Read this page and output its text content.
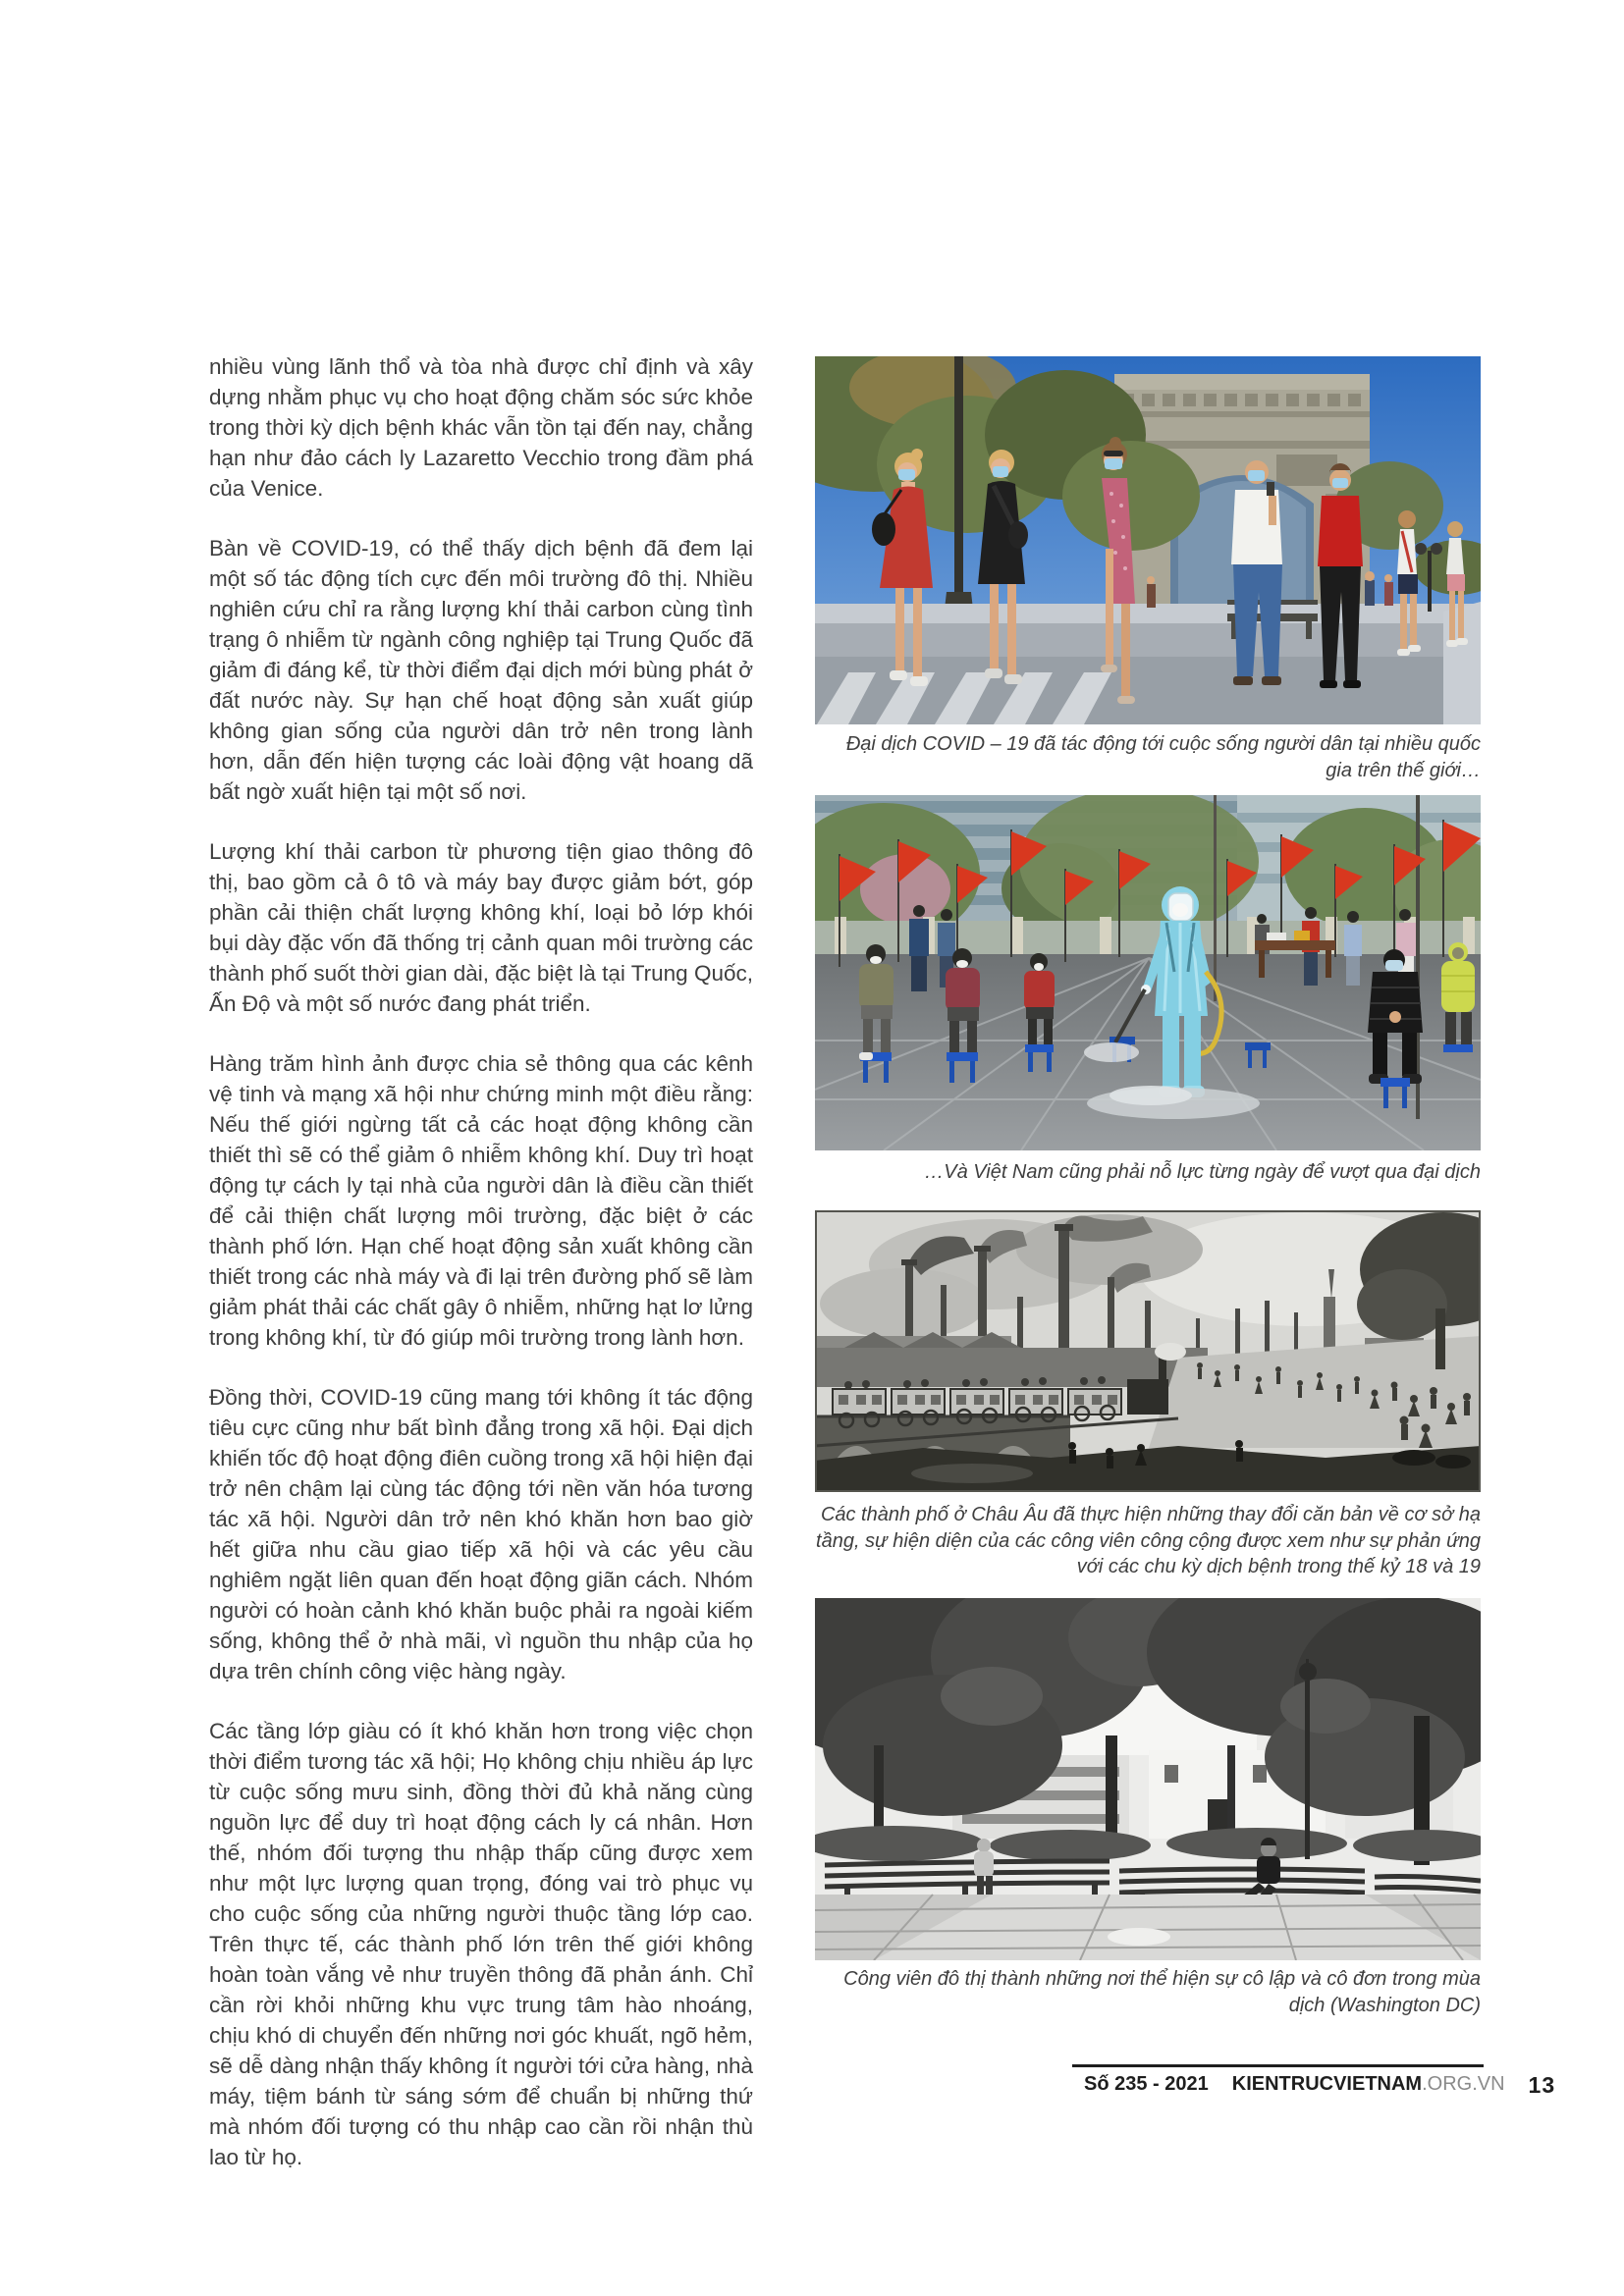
nhiều vùng lãnh thổ và tòa nhà được chỉ định và xây dựng nhằm phục vụ cho hoạt động chăm sóc sức khỏe trong thời kỳ dịch bệnh khác vẫn tồn tại đến nay, chẳng hạn như đảo cách ly Lazaretto Vecchio trong đầm phá của Venice.

Bàn về COVID-19, có thể thấy dịch bệnh đã đem lại một số tác động tích cực đến môi trường đô thị. Nhiều nghiên cứu chỉ ra rằng lượng khí thải carbon cùng tình trạng ô nhiễm từ ngành công nghiệp tại Trung Quốc đã giảm đi đáng kể, từ thời điểm đại dịch mới bùng phát ở đất nước này. Sự hạn chế hoạt động sản xuất giúp không gian sống của người dân trở nên trong lành hơn, dẫn đến hiện tượng các loài động vật hoang dã bất ngờ xuất hiện tại một số nơi.

Lượng khí thải carbon từ phương tiện giao thông đô thị, bao gồm cả ô tô và máy bay được giảm bớt, góp phần cải thiện chất lượng không khí, loại bỏ lớp khói bụi dày đặc vốn đã thống trị cảnh quan môi trường các thành phố suốt thời gian dài, đặc biệt là tại Trung Quốc, Ấn Độ và một số nước đang phát triển.

Hàng trăm hình ảnh được chia sẻ thông qua các kênh vệ tinh và mạng xã hội như chứng minh một điều rằng: Nếu thế giới ngừng tất cả các hoạt động không cần thiết thì sẽ có thể giảm ô nhiễm không khí. Duy trì hoạt động tự cách ly tại nhà của người dân là điều cần thiết để cải thiện chất lượng môi trường, đặc biệt ở các thành phố lớn. Hạn chế hoạt động sản xuất không cần thiết trong các nhà máy và đi lại trên đường phố sẽ làm giảm phát thải các chất gây ô nhiễm, những hạt lơ lửng trong không khí, từ đó giúp môi trường trong lành hơn.

Đồng thời, COVID-19 cũng mang tới không ít tác động tiêu cực cũng như bất bình đẳng trong xã hội. Đại dịch khiến tốc độ hoạt động điên cuồng trong xã hội hiện đại trở nên chậm lại cùng tác động tới nền văn hóa tương tác xã hội. Người dân trở nên khó khăn hơn bao giờ hết giữa nhu cầu giao tiếp xã hội và các yêu cầu nghiêm ngặt liên quan đến hoạt động giãn cách. Nhóm người có hoàn cảnh khó khăn buộc phải ra ngoài kiếm sống, không thể ở nhà mãi, vì nguồn thu nhập của họ dựa trên chính công việc hàng ngày.

Các tầng lớp giàu có ít khó khăn hơn trong việc chọn thời điểm tương tác xã hội; Họ không chịu nhiều áp lực từ cuộc sống mưu sinh, đồng thời đủ khả năng cùng nguồn lực để duy trì hoạt động cách ly cá nhân. Hơn thế, nhóm đối tượng thu nhập thấp cũng được xem như một lực lượng quan trọng, đóng vai trò phục vụ cho cuộc sống của những người thuộc tầng lớp cao. Trên thực tế, các thành phố lớn trên thế giới không hoàn toàn vắng vẻ như truyền thông đã phản ánh. Chỉ cần rời khỏi những khu vực trung tâm hào nhoáng, chịu khó di chuyển đến những nơi góc khuất, ngõ hẻm, sẽ dễ dàng nhận thấy không ít người tới cửa hàng, nhà máy, tiệm bánh từ sáng sớm để chuẩn bị những thứ mà nhóm đối tượng có thu nhập cao cần rồi nhận thù lao từ họ.

Đại dịch COVID – 19 đã tác động tới cuộc sống người dân tại nhiều quốc gia trên thế giới…
…Và Việt Nam cũng phải nỗ lực từng ngày để vượt qua đại dịch
Các thành phố ở Châu Âu đã thực hiện những thay đổi căn bản về cơ sở hạ tầng, sự hiện diện của các công viên công cộng được xem như sự phản ứng với các chu kỳ dịch bệnh trong thế kỷ 18 và 19
Công viên đô thị thành những nơi thể hiện sự cô lập và cô đơn trong mùa dịch (Washington DC)
Số 235 - 2021	KIENTRUCVIETNAM.ORG.VN	13
